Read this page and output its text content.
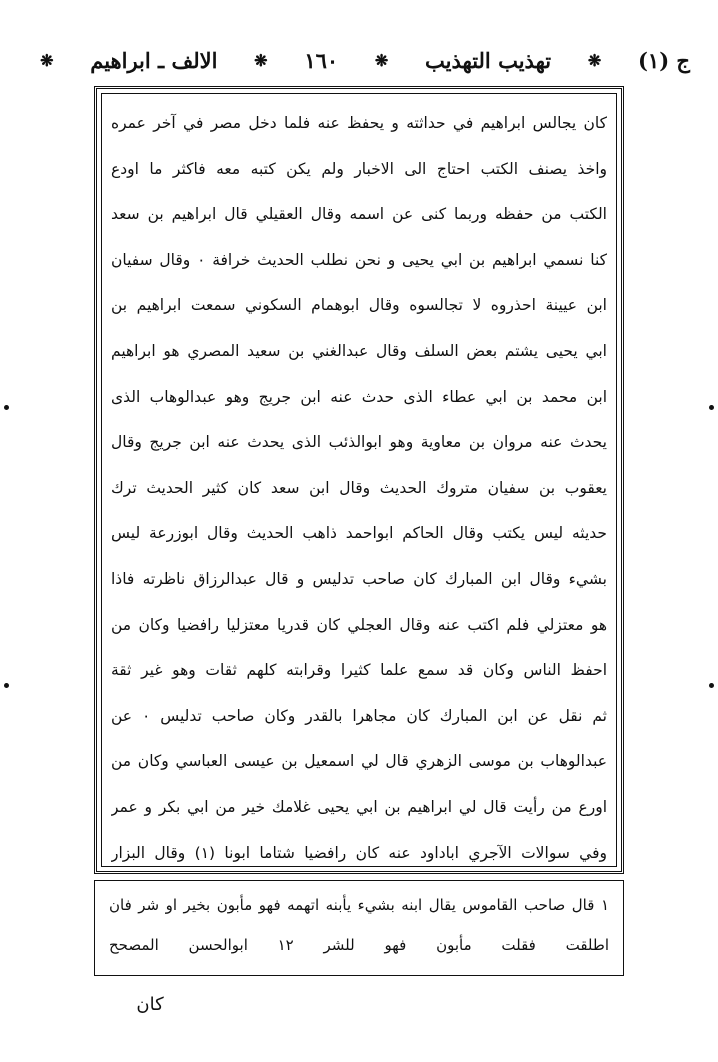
ج (١)
❋
تهذيب التهذيب
❋
١٦٠
❋
الالف ـ ابراهيم
❋
كان يجالس ابراهيم في حداثته و يحفظ عنه فلما دخل مصر في آخر عمره
واخذ يصنف الكتب احتاج الى الاخبار ولم يكن كتبه معه فاكثر ما اودع
الكتب من حفظه وربما كنى عن اسمه وقال العقيلي قال ابراهيم بن سعد
كنا نسمي ابراهيم بن ابي يحيى و نحن نطلب الحديث خرافة ٠ وقال سفيان
ابن عيينة احذروه لا تجالسوه وقال ابوهمام السكوني سمعت ابراهيم بن
ابي يحيى يشتم بعض السلف وقال عبدالغني بن سعيد المصري هو ابراهيم
ابن محمد بن ابي عطاء الذى حدث عنه ابن جريج وهو عبدالوهاب الذى
يحدث عنه مروان بن معاوية وهو ابوالذئب الذى يحدث عنه ابن جريج وقال
يعقوب بن سفيان متروك الحديث وقال ابن سعد كان كثير الحديث ترك
حديثه ليس يكتب وقال الحاكم ابواحمد ذاهب الحديث وقال ابوزرعة ليس
بشيء وقال ابن المبارك كان صاحب تدليس و قال عبدالرزاق ناظرته فاذا
هو معتزلي فلم اكتب عنه وقال العجلي كان قدريا معتزليا رافضيا وكان من
احفظ الناس وكان قد سمع علما كثيرا وقرابته كلهم ثقات وهو غير ثقة
ثم نقل عن ابن المبارك كان مجاهرا بالقدر وكان صاحب تدليس ٠ عن
عبدالوهاب بن موسى الزهري قال لي اسمعيل بن عيسى العباسي وكان من
اورع من رأيت قال لي ابراهيم بن ابي يحيى غلامك خير من ابي بكر و عمر
وفي سوالات الآجري اباداود عنه كان رافضيا شتاما ابونا (١) وقال البزار
١ قال صاحب القاموس يقال ابنه بشيء يأبنه اتهمه فهو مأبون بخير او شر فان
اطلقت فقلت مأبون فهو للشر ١٢ ابوالحسن المصحح
كان
